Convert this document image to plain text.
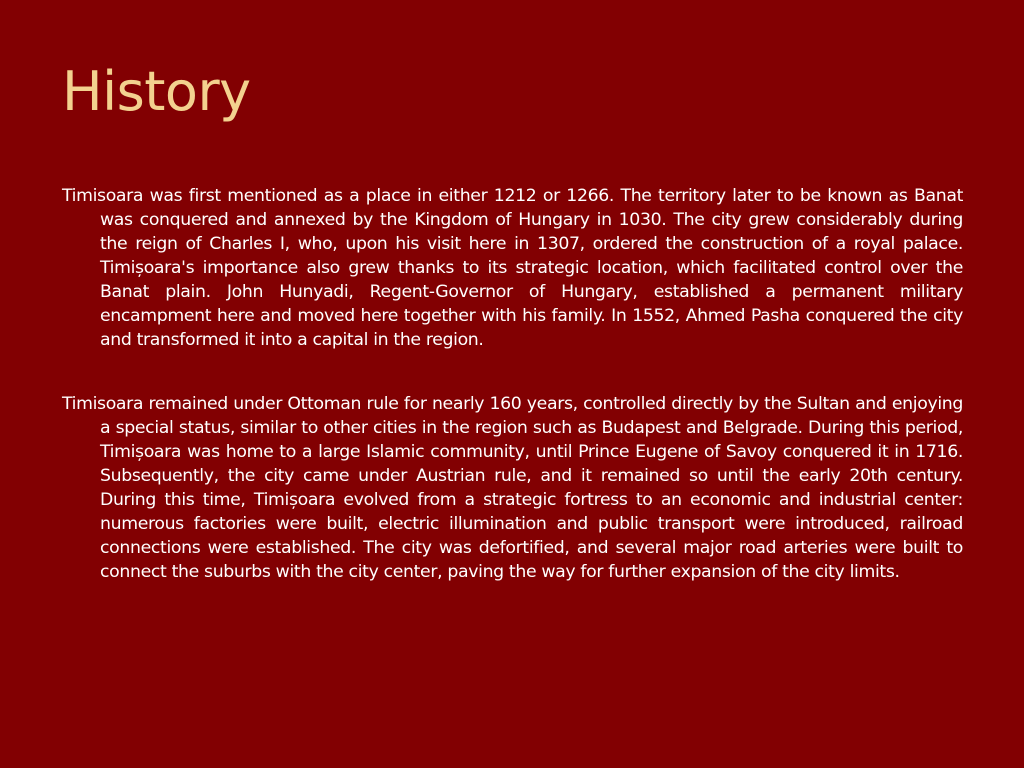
History

Timisoara was first mentioned as a place in either 1212 or 1266. The territory later to be known as Banat was conquered and annexed by the Kingdom of Hungary in 1030. The city grew considerably during the reign of Charles I, who, upon his visit here in 1307, ordered the construction of a royal palace. Timișoara's importance also grew thanks to its strategic location, which facilitated control over the Banat plain. John Hunyadi, Regent-Governor of Hungary, established a permanent military encampment here and moved here together with his family. In 1552, Ahmed Pasha conquered the city and transformed it into a capital in the region.

Timisoara remained under Ottoman rule for nearly 160 years, controlled directly by the Sultan and enjoying a special status, similar to other cities in the region such as Budapest and Belgrade. During this period, Timișoara was home to a large Islamic community, until Prince Eugene of Savoy conquered it in 1716. Subsequently, the city came under Austrian rule, and it remained so until the early 20th century. During this time, Timișoara evolved from a strategic fortress to an economic and industrial center: numerous factories were built, electric illumination and public transport were introduced, railroad connections were established. The city was defortified, and several major road arteries were built to connect the suburbs with the city center, paving the way for further expansion of the city limits.
